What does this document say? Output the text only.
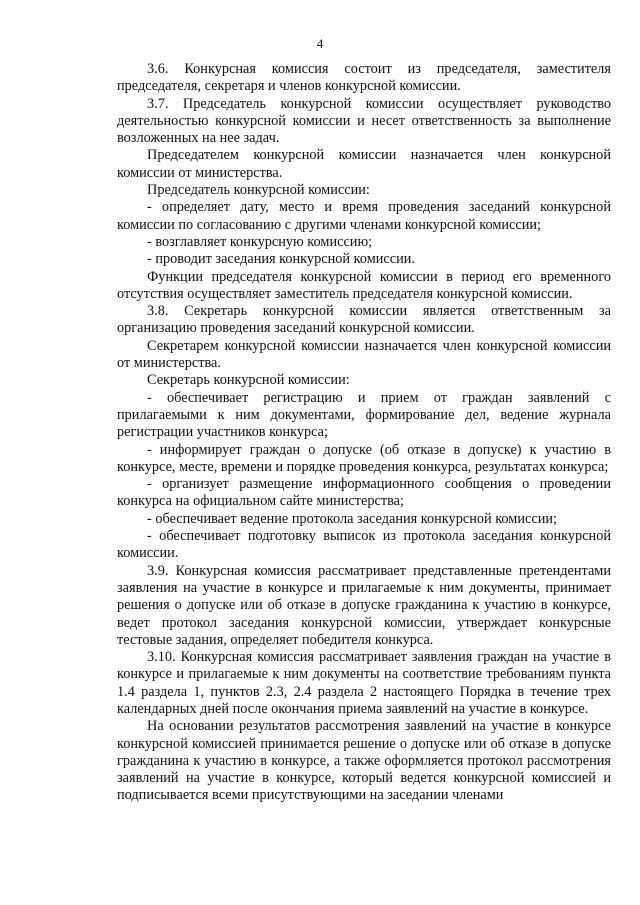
4

3.6. Конкурсная комиссия состоит из председателя, заместителя председателя, секретаря и членов конкурсной комиссии.

3.7. Председатель конкурсной комиссии осуществляет руководство деятельностью конкурсной комиссии и несет ответственность за выполнение возложенных на нее задач.

Председателем конкурсной комиссии назначается член конкурсной комиссии от министерства.

Председатель конкурсной комиссии:

- определяет дату, место и время проведения заседаний конкурсной комиссии по согласованию с другими членами конкурсной комиссии;

- возглавляет конкурсную комиссию;

- проводит заседания конкурсной комиссии.

Функции председателя конкурсной комиссии в период его временного отсутствия осуществляет заместитель председателя конкурсной комиссии.

3.8. Секретарь конкурсной комиссии является ответственным за организацию проведения заседаний конкурсной комиссии.

Секретарем конкурсной комиссии назначается член конкурсной комиссии от министерства.

Секретарь конкурсной комиссии:

- обеспечивает регистрацию и прием от граждан заявлений с прилагаемыми к ним документами, формирование дел, ведение журнала регистрации участников конкурса;

- информирует граждан о допуске (об отказе в допуске) к участию в конкурсе, месте, времени и порядке проведения конкурса, результатах конкурса;

- организует размещение информационного сообщения о проведении конкурса на официальном сайте министерства;

- обеспечивает ведение протокола заседания конкурсной комиссии;

- обеспечивает подготовку выписок из протокола заседания конкурсной комиссии.

3.9. Конкурсная комиссия рассматривает представленные претендентами заявления на участие в конкурсе и прилагаемые к ним документы, принимает решения о допуске или об отказе в допуске гражданина к участию в конкурсе, ведет протокол заседания конкурсной комиссии, утверждает конкурсные тестовые задания, определяет победителя конкурса.

3.10. Конкурсная комиссия рассматривает заявления граждан на участие в конкурсе и прилагаемые к ним документы на соответствие требованиям пункта 1.4 раздела 1, пунктов 2.3, 2.4 раздела 2 настоящего Порядка в течение трех календарных дней после окончания приема заявлений на участие в конкурсе.

На основании результатов рассмотрения заявлений на участие в конкурсе конкурсной комиссией принимается решение о допуске или об отказе в допуске гражданина к участию в конкурсе, а также оформляется протокол рассмотрения заявлений на участие в конкурсе, который ведется конкурсной комиссией и подписывается всеми присутствующими на заседании членами
